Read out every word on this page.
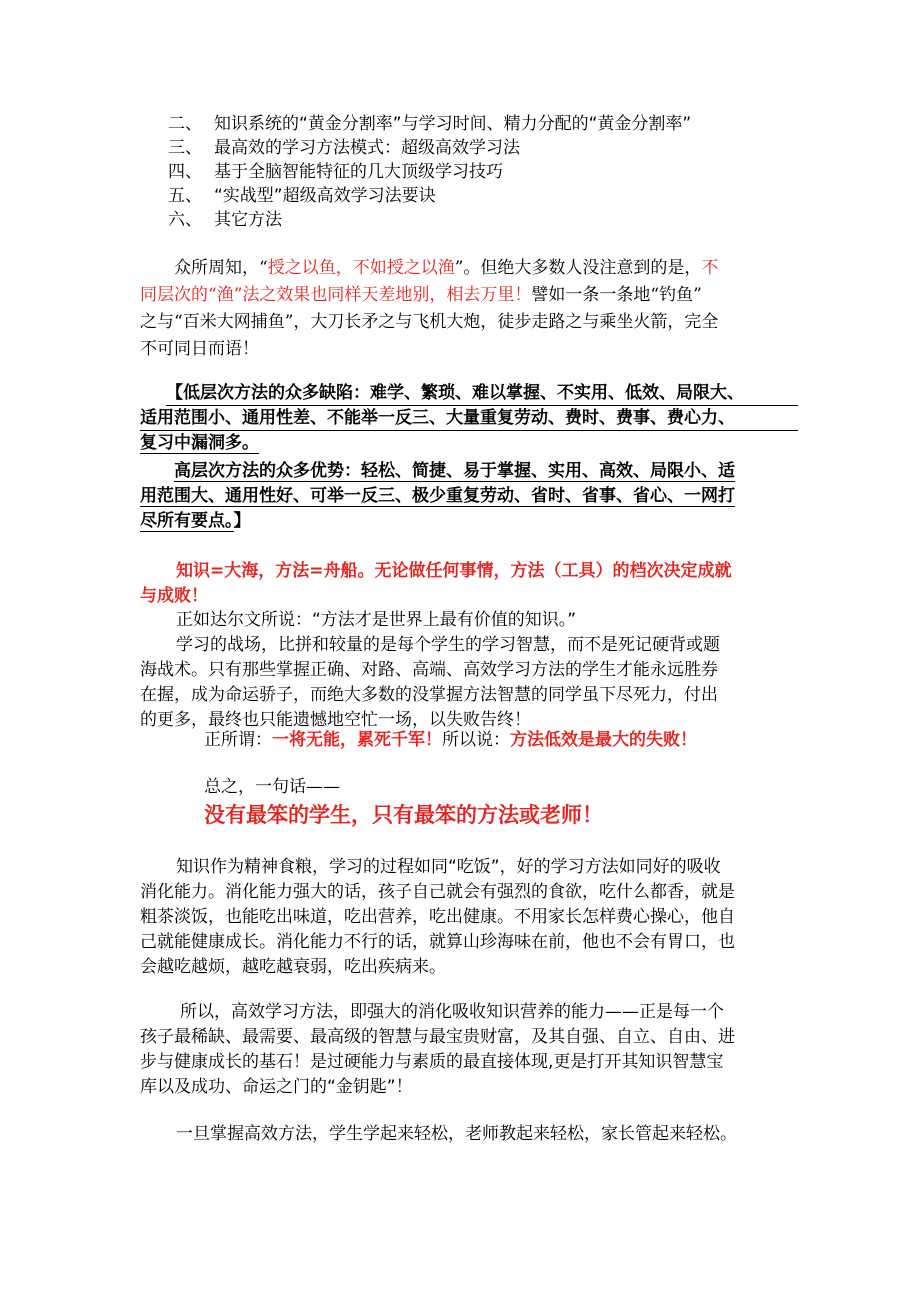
二、 知识系统的“黄金分割率”与学习时间、精力分配的“黄金分割率”
三、 最高效的学习方法模式：超级高效学习法
四、 基于全脑智能特征的几大顶级学习技巧
五、 “实战型”超级高效学习法要诀
六、 其它方法
众所周知，“授之以鱼，不如授之以渔”。但绝大多数人没注意到的是，不
同层次的“渔”法之效果也同样天差地别，相去万里！譬如一条一条地“钓鱼”
之与“百米大网捕鱼”，大刀长矛之与飞机大炮，徒步走路之与乘坐火箭，完全
不可同日而语！
【低层次方法的众多缺陷：难学、繁琐、难以掌握、不实用、低效、局限大、
适用范围小、通用性差、不能举一反三、大量重复劳动、费时、费事、费心力、
复习中漏洞多。
高层次方法的众多优势：轻松、简捷、易于掌握、实用、高效、局限小、适
用范围大、通用性好、可举一反三、极少重复劳动、省时、省事、省心、一网打
尽所有要点。】
知识=大海，方法=舟船。无论做任何事情，方法（工具）的档次决定成就
与成败！
正如达尔文所说：“方法才是世界上最有价值的知识。”
学习的战场，比拼和较量的是每个学生的学习智慧，而不是死记硬背或题
海战术。只有那些掌握正确、对路、高端、高效学习方法的学生才能永远胜券
在握，成为命运骄子，而绝大多数的没掌握方法智慧的同学虽下尽死力，付出
的更多，最终也只能遗憾地空忙一场，以失败告终！
正所谓：一将无能，累死千军！所以说：方法低效是最大的失败！
总之，一句话——
没有最笨的学生，只有最笨的方法或老师！
知识作为精神食粮，学习的过程如同“吃饭”，好的学习方法如同好的吸收
消化能力。消化能力强大的话，孩子自己就会有强烈的食欲，吃什么都香，就是
粗茶淡饭，也能吃出味道，吃出营养，吃出健康。不用家长怎样费心操心，他自
己就能健康成长。消化能力不行的话，就算山珍海味在前，他也不会有胃口，也
会越吃越烦，越吃越衰弱，吃出疾病来。
所以，高效学习方法，即强大的消化吸收知识营养的能力——正是每一个
孩子最稀缺、最需要、最高级的智慧与最宝贵财富，及其自强、自立、自由、进
步与健康成长的基石！是过硬能力与素质的最直接体现,更是打开其知识智慧宝
库以及成功、命运之门的“金钥匙”！
一旦掌握高效方法，学生学起来轻松，老师教起来轻松，家长管起来轻松。
